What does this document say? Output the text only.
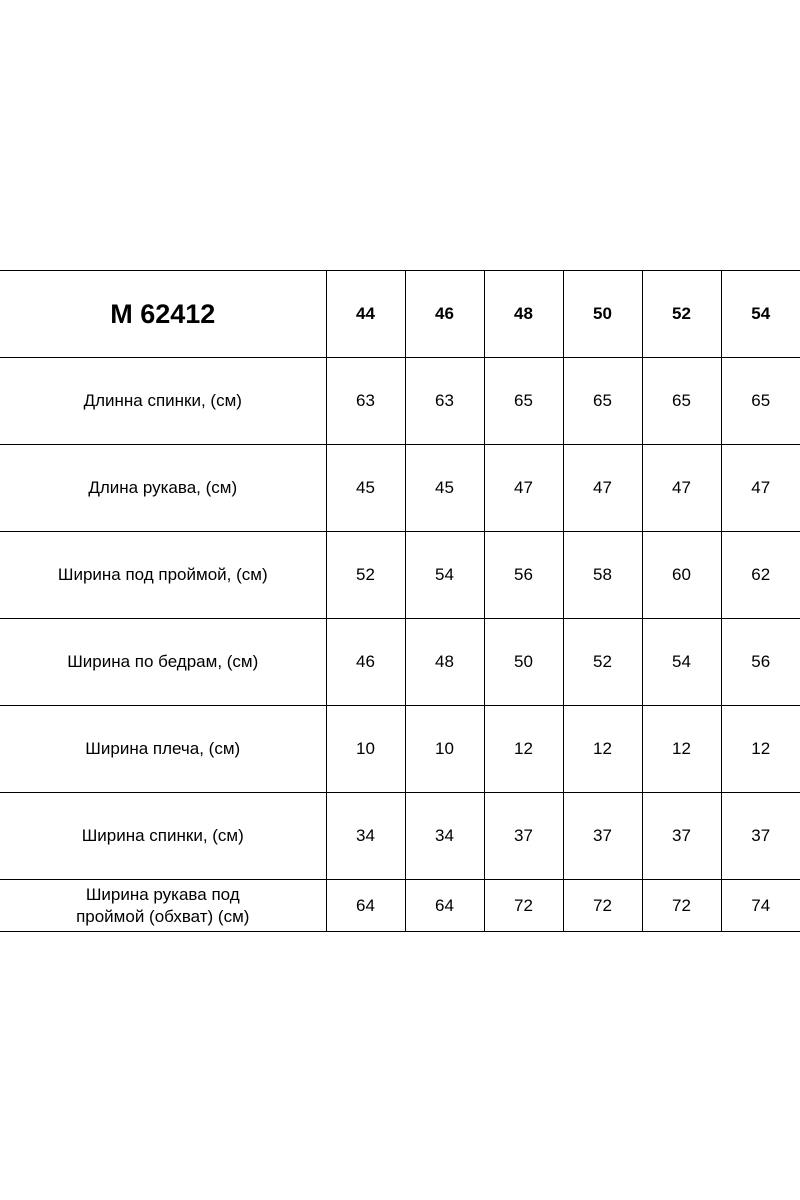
M 62412	44	46	48	50	52	54
Длинна спинки, (см)	63	63	65	65	65	65
Длина рукава, (см)	45	45	47	47	47	47
Ширина под проймой, (см)	52	54	56	58	60	62
Ширина по бедрам, (см)	46	48	50	52	54	56
Ширина плеча, (см)	10	10	12	12	12	12
Ширина спинки, (см)	34	34	37	37	37	37
Ширина рукава под
проймой (обхват) (см)	64	64	72	72	72	74
